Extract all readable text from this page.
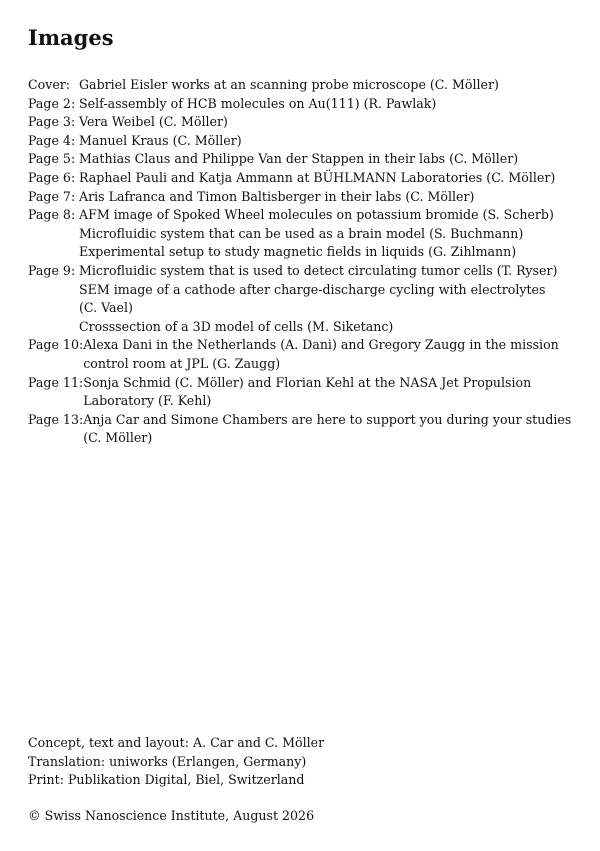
Images
Cover: Gabriel Eisler works at an scanning probe microscope (C. Möller)
Page 2: Self-assembly of HCB molecules on Au(111) (R. Pawlak)
Page 3: Vera Weibel (C. Möller)
Page 4: Manuel Kraus (C. Möller)
Page 5: Mathias Claus and Philippe Van der Stappen in their labs (C. Möller)
Page 6: Raphael Pauli and Katja Ammann at BÜHLMANN Laboratories (C. Möller)
Page 7: Aris Lafranca and Timon Baltisberger in their labs (C. Möller)
Page 8: AFM image of Spoked Wheel molecules on potassium bromide (S. Scherb)
Microfluidic system that can be used as a brain model (S. Buchmann)
Experimental setup to study magnetic fields in liquids (G. Zihlmann)
Page 9: Microfluidic system that is used to detect circulating tumor cells (T. Ryser)
SEM image of a cathode after charge-discharge cycling with electrolytes
(C. Vael)
Crosssection of a 3D model of cells (M. Siketanc)
Page 10: Alexa Dani in the Netherlands (A. Dani) and Gregory Zaugg in the mission
control room at JPL (G. Zaugg)
Page 11: Sonja Schmid (C. Möller) and Florian Kehl at the NASA Jet Propulsion
Laboratory (F. Kehl)
Page 13: Anja Car and Simone Chambers are here to support you during your studies
(C. Möller)
Concept, text and layout: A. Car and C. Möller
Translation: uniworks (Erlangen, Germany)
Print: Publikation Digital, Biel, Switzerland
© Swiss Nanoscience Institute, August 2026
